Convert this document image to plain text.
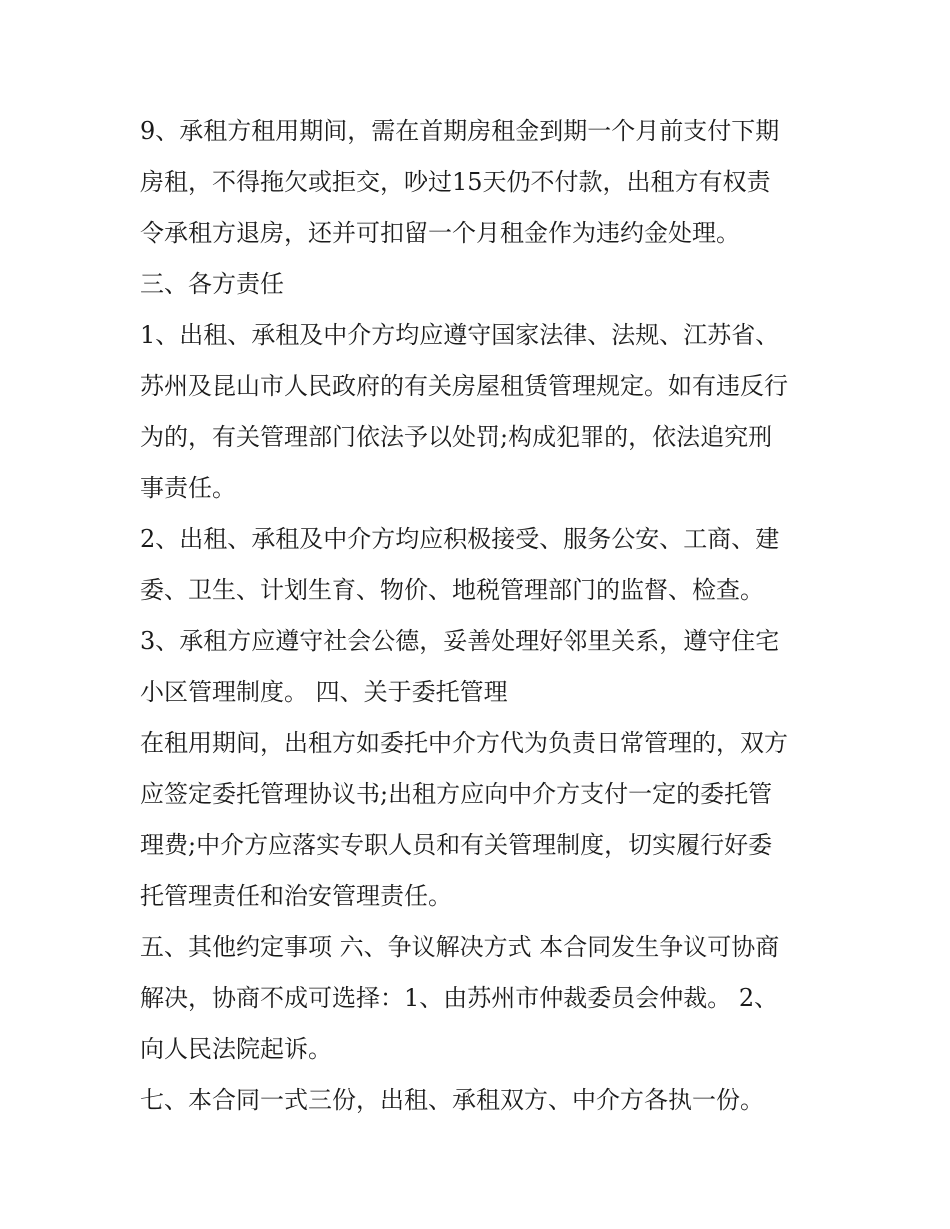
9、承租方租用期间，需在首期房租金到期一个月前支付下期
房租，不得拖欠或拒交，吵过15天仍不付款，出租方有权责
令承租方退房，还并可扣留一个月租金作为违约金处理。
三、各方责任
1、出租、承租及中介方均应遵守国家法律、法规、江苏省、
苏州及昆山市人民政府的有关房屋租赁管理规定。如有违反行
为的，有关管理部门依法予以处罚;构成犯罪的，依法追究刑
事责任。
2、出租、承租及中介方均应积极接受、服务公安、工商、建
委、卫生、计划生育、物价、地税管理部门的监督、检查。
3、承租方应遵守社会公德，妥善处理好邻里关系，遵守住宅
小区管理制度。 四、关于委托管理
在租用期间，出租方如委托中介方代为负责日常管理的，双方
应签定委托管理协议书;出租方应向中介方支付一定的委托管
理费;中介方应落实专职人员和有关管理制度，切实履行好委
托管理责任和治安管理责任。
五、其他约定事项 六、争议解决方式 本合同发生争议可协商
解决，协商不成可选择：1、由苏州市仲裁委员会仲裁。 2、
向人民法院起诉。
七、本合同一式三份，出租、承租双方、中介方各执一份。
